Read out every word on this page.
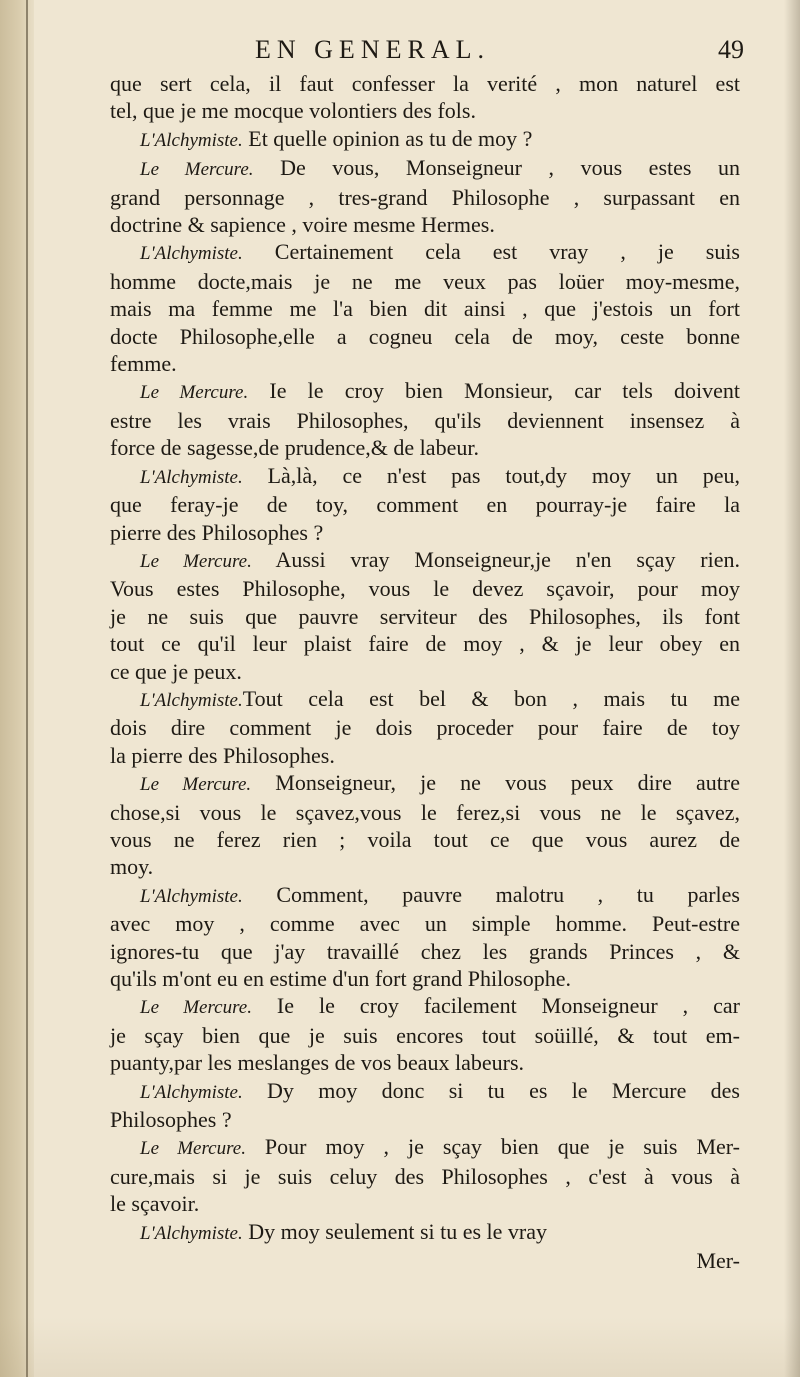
EN GENERAL.	49
que sert cela, il faut confesser la verité , mon naturel est
tel, que je me mocque volontiers des fols.
L'Alchymiste. Et quelle opinion as tu de moy ?
Le Mercure. De vous, Monseigneur , vous estes un
grand personnage , tres-grand Philosophe , surpassant en
doctrine & sapience , voire mesme Hermes.
L'Alchymiste. Certainement cela est vray , je suis
homme docte,mais je ne me veux pas loüer moy-mesme,
mais ma femme me l'a bien dit ainsi , que j'estois un fort
docte Philosophe,elle a cogneu cela de moy, ceste bonne
femme.
Le Mercure. Ie le croy bien Monsieur, car tels doivent
estre les vrais Philosophes, qu'ils deviennent insensez à
force de sagesse,de prudence,& de labeur.
L'Alchymiste. Là,là, ce n'est pas tout,dy moy un peu,
que feray-je de toy, comment en pourray-je faire la
pierre des Philosophes ?
Le Mercure. Aussi vray Monseigneur,je n'en sçay rien.
Vous estes Philosophe, vous le devez sçavoir, pour moy
je ne suis que pauvre serviteur des Philosophes, ils font
tout ce qu'il leur plaist faire de moy , & je leur obey en
ce que je peux.
L'Alchymiste.Tout cela est bel & bon , mais tu me
dois dire comment je dois proceder pour faire de toy
la pierre des Philosophes.
Le Mercure. Monseigneur, je ne vous peux dire autre
chose,si vous le sçavez,vous le ferez,si vous ne le sçavez,
vous ne ferez rien ; voila tout ce que vous aurez de
moy.
L'Alchymiste. Comment, pauvre malotru , tu parles
avec moy , comme avec un simple homme. Peut-estre
ignores-tu que j'ay travaillé chez les grands Princes , &
qu'ils m'ont eu en estime d'un fort grand Philosophe.
Le Mercure. Ie le croy facilement Monseigneur , car
je sçay bien que je suis encores tout soüillé, & tout em-
puanty,par les meslanges de vos beaux labeurs.
L'Alchymiste. Dy moy donc si tu es le Mercure des
Philosophes ?
Le Mercure. Pour moy , je sçay bien que je suis Mer-
cure,mais si je suis celuy des Philosophes , c'est à vous à
le sçavoir.
L'Alchymiste. Dy moy seulement si tu es le vray
Mer-
